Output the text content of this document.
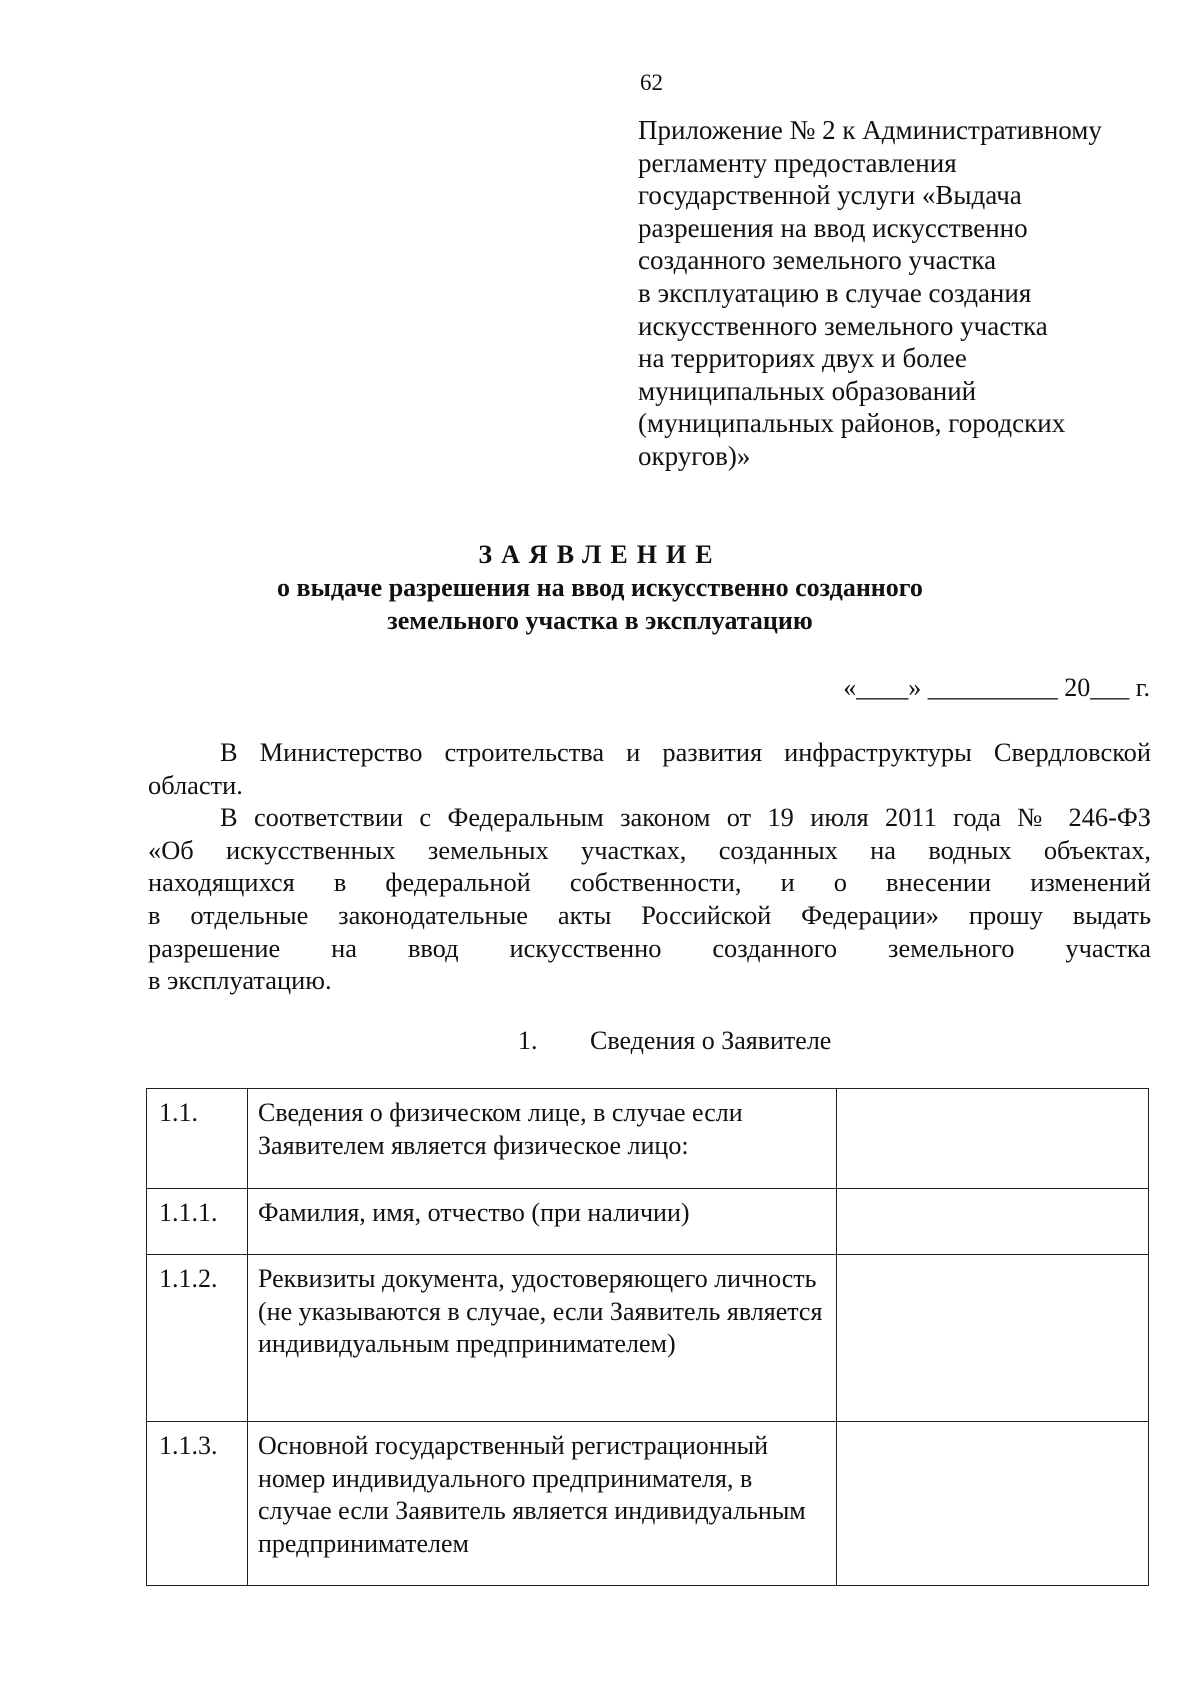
62
Приложение № 2 к Административному
регламенту предоставления
государственной услуги «Выдача
разрешения на ввод искусственно
созданного земельного участка
в эксплуатацию в случае создания
искусственного земельного участка
на территориях двух и более
муниципальных образований
(муниципальных районов, городских
округов)»
ЗАЯВЛЕНИЕ
о выдаче разрешения на ввод искусственно созданного
земельного участка в эксплуатацию
«____» __________ 20___ г.
В Министерство строительства и развития инфраструктуры Свердловской
области.
В соответствии с Федеральным законом от 19 июля 2011 года № 246-ФЗ
«Об искусственных земельных участках, созданных на водных объектах,
находящихся в федеральной собственности, и о внесении изменений
в отдельные законодательные акты Российской Федерации» прошу выдать
разрешение на ввод искусственно созданного земельного участка
в эксплуатацию.
1. Сведения о Заявителе
1.1.	Сведения о физическом лице, в случае если Заявителем является физическое лицо:	
1.1.1.	Фамилия, имя, отчество (при наличии)	
1.1.2.	Реквизиты документа, удостоверяющего личность (не указываются в случае, если Заявитель является индивидуальным предпринимателем)	
1.1.3.	Основной государственный регистрационный номер индивидуального предпринимателя, в случае если Заявитель является индивидуальным предпринимателем	
